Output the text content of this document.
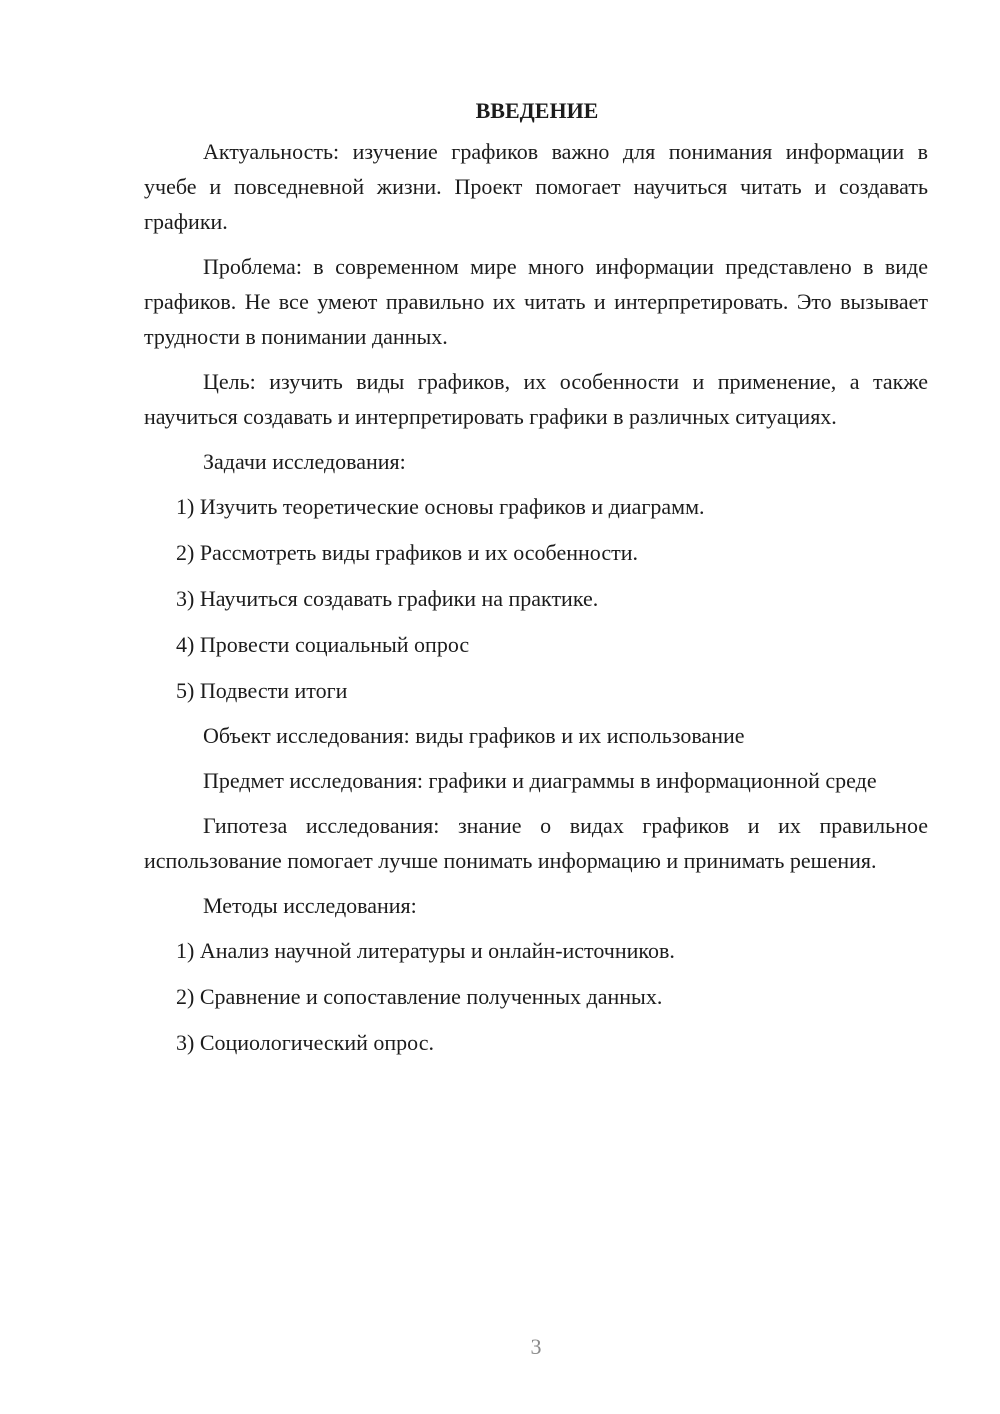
ВВЕДЕНИЕ

Актуальность: изучение графиков важно для понимания информации в учебе и повседневной жизни. Проект помогает научиться читать и создавать графики.

Проблема: в современном мире много информации представлено в виде графиков. Не все умеют правильно их читать и интерпретировать. Это вызывает трудности в понимании данных.

Цель: изучить виды графиков, их особенности и применение, а также научиться создавать и интерпретировать графики в различных ситуациях.

Задачи исследования:

1) Изучить теоретические основы графиков и диаграмм.
2) Рассмотреть виды графиков и их особенности.
3) Научиться создавать графики на практике.
4) Провести социальный опрос
5) Подвести итоги

Объект исследования: виды графиков и их использование

Предмет исследования: графики и диаграммы в информационной среде

Гипотеза исследования: знание о видах графиков и их правильное использование помогает лучше понимать информацию и принимать решения.

Методы исследования:

1) Анализ научной литературы и онлайн-источников.
2) Сравнение и сопоставление полученных данных.
3) Социологический опрос.
3
